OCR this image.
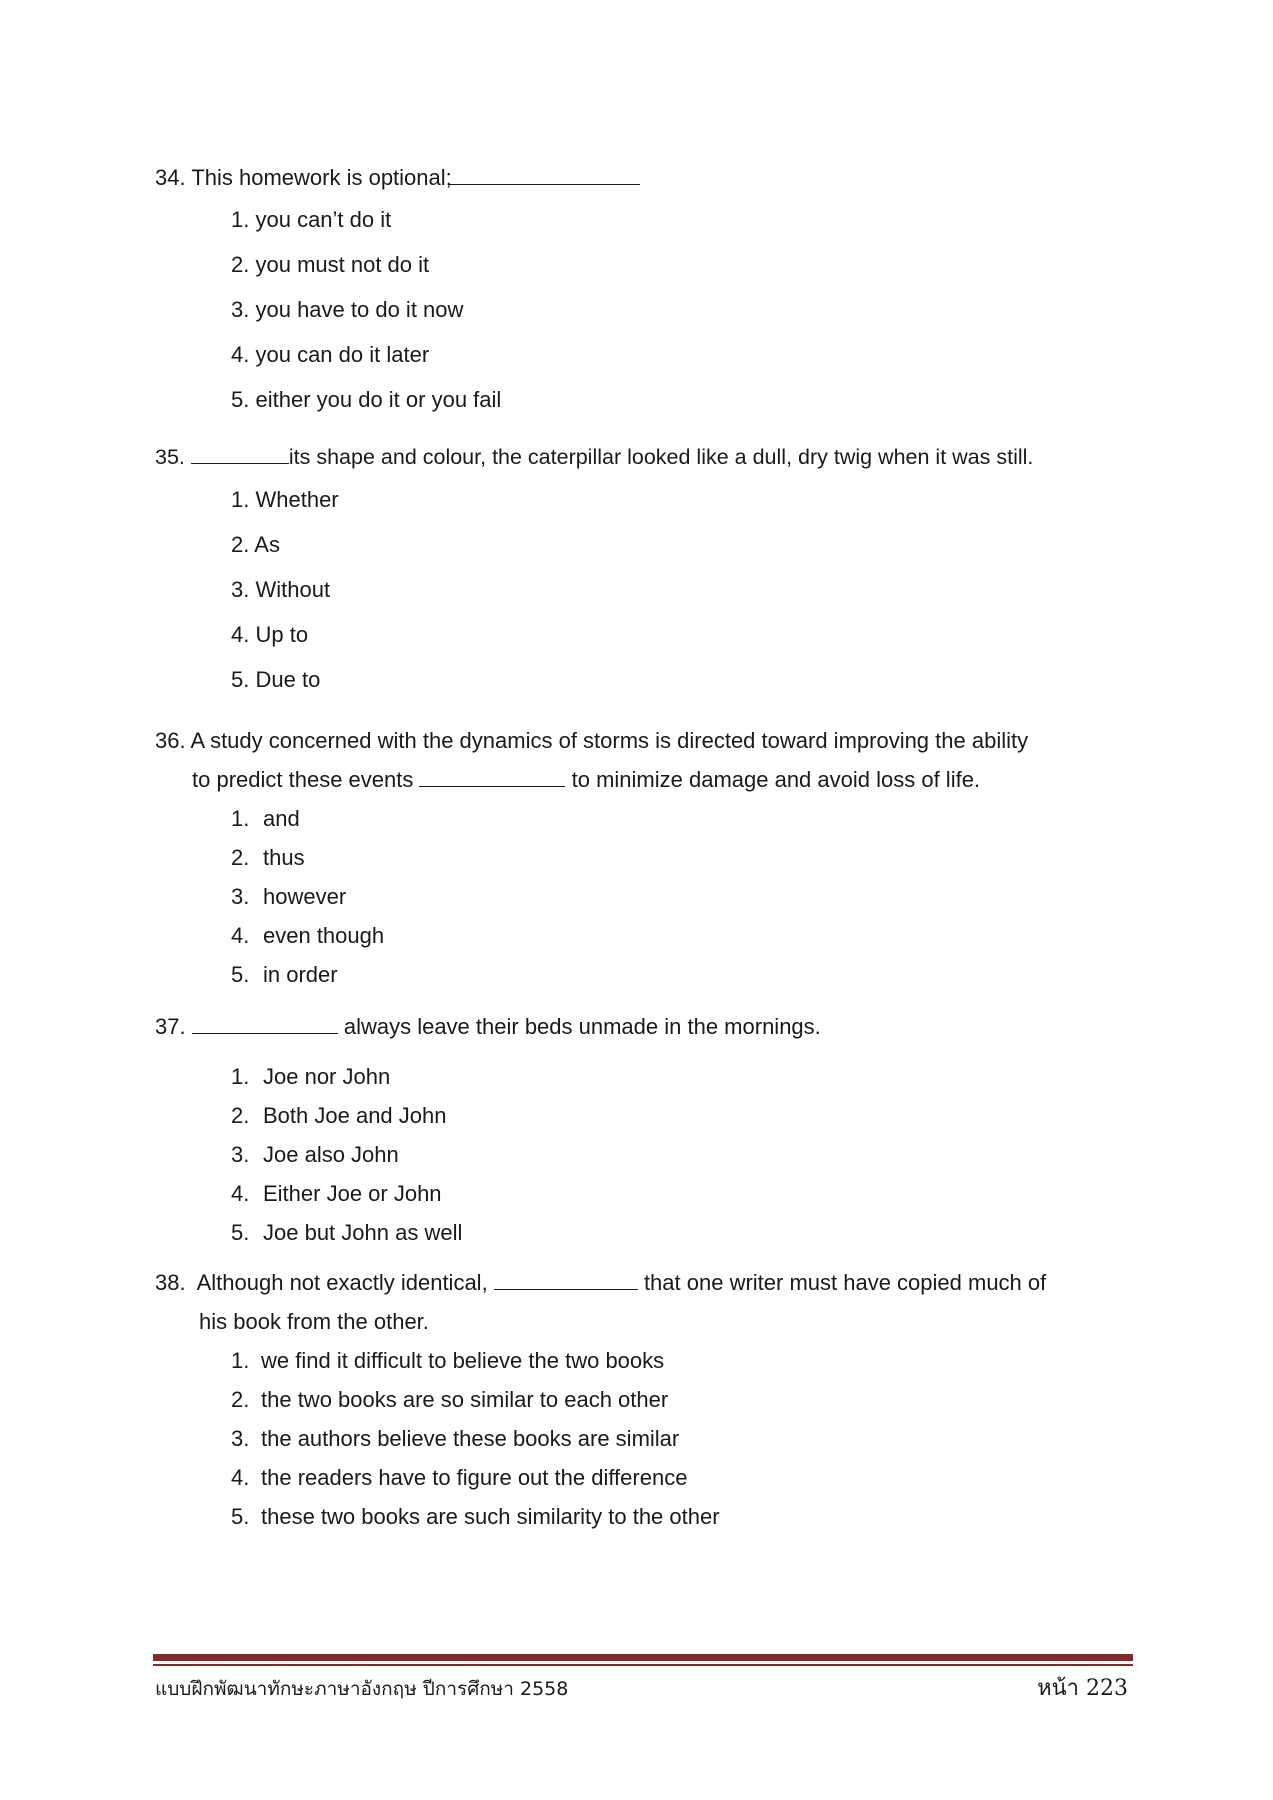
34. This homework is optional;

1. you can’t do it
2. you must not do it
3. you have to do it now
4. you can do it later
5. either you do it or you fail

35.	its shape and colour, the caterpillar looked like a dull, dry twig when it was still.

1. Whether
2. As
3. Without
4. Up to
5. Due to

36. A study concerned with the dynamics of storms is directed toward improving the ability

to predict these events	to minimize damage and avoid loss of life.

1. and
2. thus
3. however
4. even though
5. in order

37.	always leave their beds unmade in the mornings.

1. Joe nor John
2. Both Joe and John
3. Joe also John
4. Either Joe or John
5. Joe but John as well

38. Although not exactly identical,	that one writer must have copied much of

his book from the other.

1. we find it difficult to believe the two books
2. the two books are so similar to each other
3. the authors believe these books are similar
4. the readers have to figure out the difference
5. these two books are such similarity to the other
แบบฝึกพัฒนาทักษะภาษาอังกฤษ ปีการศึกษา 2558	หน้า 223
